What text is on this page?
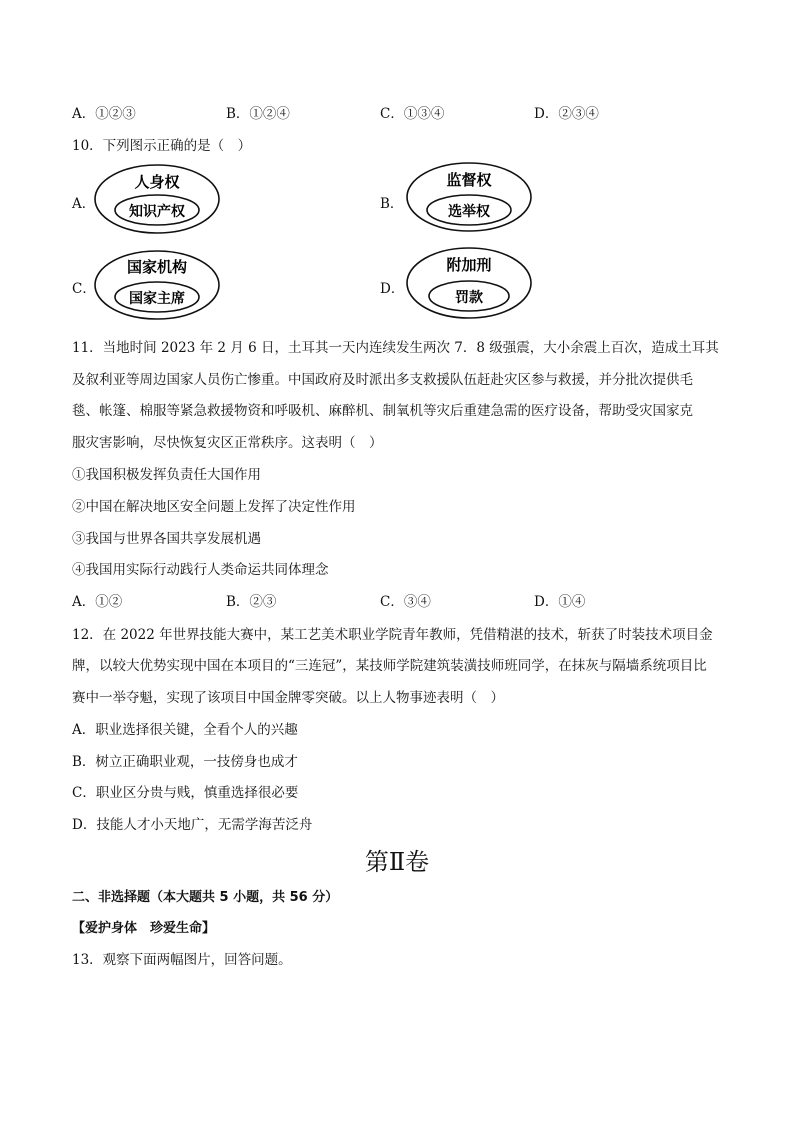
A．①②③	B．①②④	C．①③④	D．②③④
10．下列图示正确的是（　）
A．
人身权
知识产权	B．
监督权
选举权
C．
国家机构
国家主席
D．
附加刑
罚款
11．当地时间 2023 年 2 月 6 日，土耳其一天内连续发生两次 7．8 级强震，大小余震上百次，造成土耳其
及叙利亚等周边国家人员伤亡惨重。中国政府及时派出多支救援队伍赶赴灾区参与救援，并分批次提供毛
毯、帐篷、棉服等紧急救援物资和呼吸机、麻醉机、制氧机等灾后重建急需的医疗设备，帮助受灾国家克
服灾害影响，尽快恢复灾区正常秩序。这表明（　）
①我国积极发挥负责任大国作用
②中国在解决地区安全问题上发挥了决定性作用
③我国与世界各国共享发展机遇
④我国用实际行动践行人类命运共同体理念
A．①②	B．②③	C．③④	D．①④
12．在 2022 年世界技能大赛中，某工艺美术职业学院青年教师，凭借精湛的技术，斩获了时装技术项目金
牌，以较大优势实现中国在本项目的“三连冠”，某技师学院建筑装潢技师班同学，在抹灰与隔墙系统项目比
赛中一举夺魁，实现了该项目中国金牌零突破。以上人物事迹表明（　）
A．职业选择很关键，全看个人的兴趣
B．树立正确职业观，一技傍身也成才
C．职业区分贵与贱，慎重选择很必要
D．技能人才小天地广，无需学海苦泛舟
第Ⅱ卷
二、非选择题（本大题共 5 小题，共 56 分）
【爱护身体　珍爱生命】
13．观察下面两幅图片，回答问题。
